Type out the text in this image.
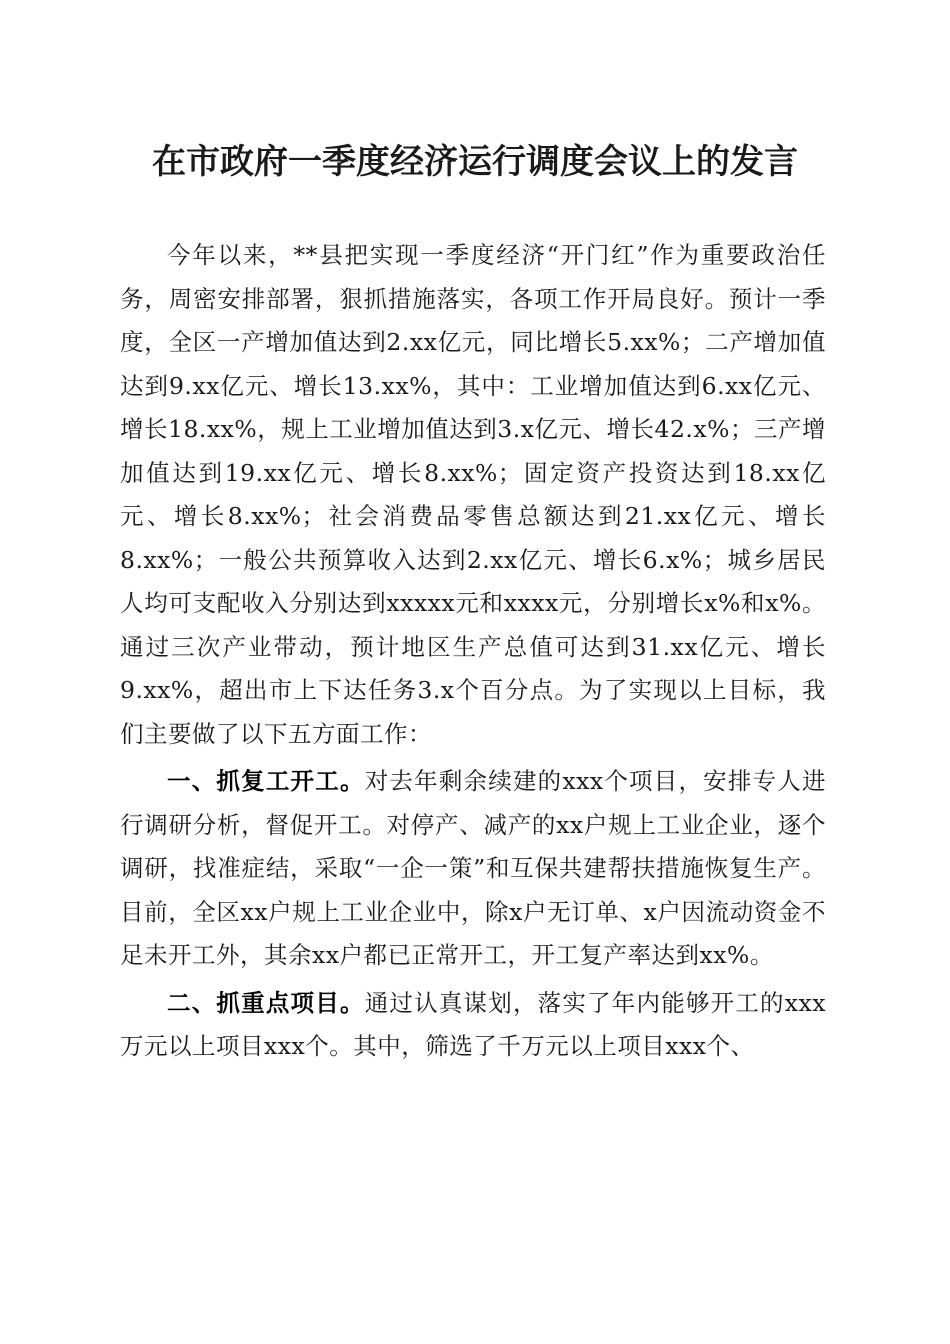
在市政府一季度经济运行调度会议上的发言

今年以来，**县把实现一季度经济“开门红”作为重要政治任务，周密安排部署，狠抓措施落实，各项工作开局良好。预计一季度，全区一产增加值达到2.xx亿元，同比增长5.xx%；二产增加值达到9.xx亿元、增长13.xx%，其中：工业增加值达到6.xx亿元、增长18.xx%，规上工业增加值达到3.x亿元、增长42.x%；三产增加值达到19.xx亿元、增长8.xx%；固定资产投资达到18.xx亿元、增长8.xx%；社会消费品零售总额达到21.xx亿元、增长8.xx%；一般公共预算收入达到2.xx亿元、增长6.x%；城乡居民人均可支配收入分别达到xxxxx元和xxxx元，分别增长x%和x%。通过三次产业带动，预计地区生产总值可达到31.xx亿元、增长9.xx%，超出市上下达任务3.x个百分点。为了实现以上目标，我们主要做了以下五方面工作：

一、抓复工开工。对去年剩余续建的xxx个项目，安排专人进行调研分析，督促开工。对停产、减产的xx户规上工业企业，逐个调研，找准症结，采取“一企一策”和互保共建帮扶措施恢复生产。目前，全区xx户规上工业企业中，除x户无订单、x户因流动资金不足未开工外，其余xx户都已正常开工，开工复产率达到xx%。

二、抓重点项目。通过认真谋划，落实了年内能够开工的xxx万元以上项目xxx个。其中，筛选了千万元以上项目xxx个、
